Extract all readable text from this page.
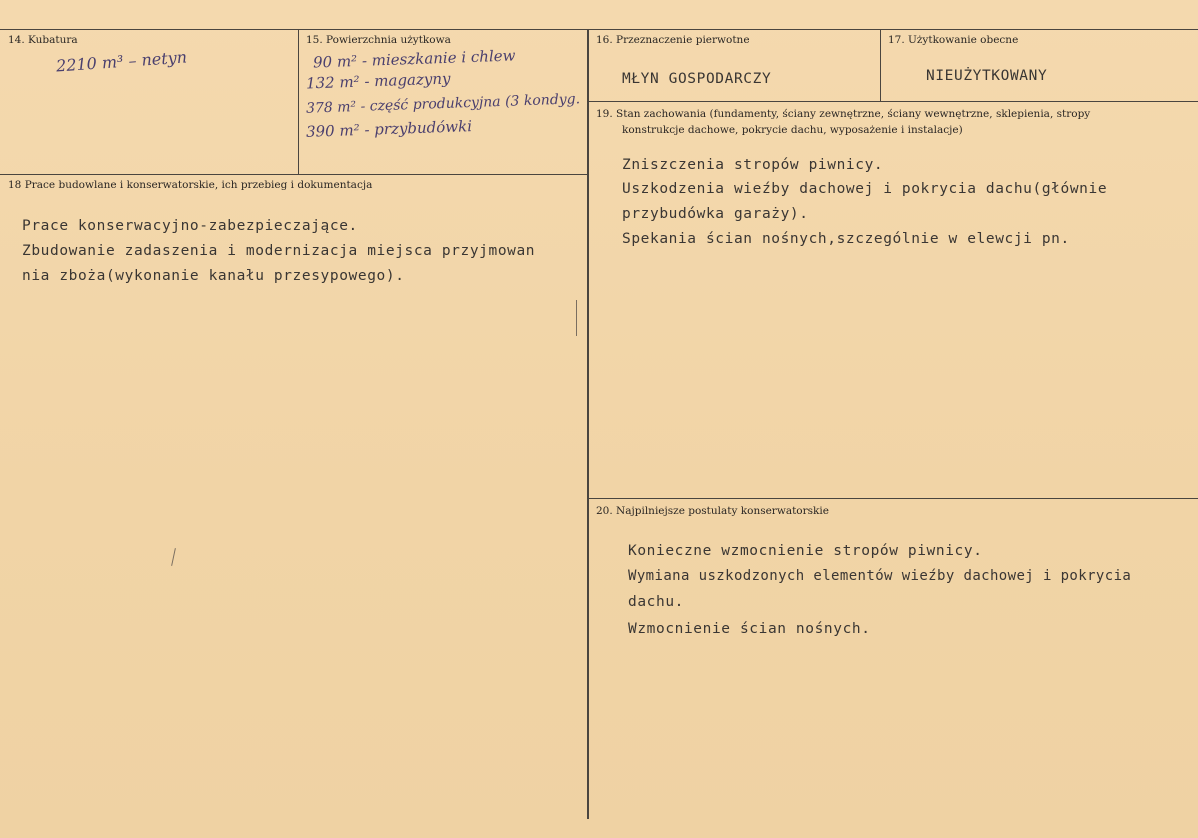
14. Kubatura
2210 m³ – netyn
15. Powierzchnia użytkowa
90 m² - mieszkanie i chlew
132 m² - magazyny
378 m² - część produkcyjna (3 kondyg.
390 m² - przybudówki
16. Przeznaczenie pierwotne
MŁYN GOSPODARCZY
17. Użytkowanie obecne
NIEUŻYTKOWANY
18 Prace budowlane i konserwatorskie, ich przebieg i dokumentacja
Prace konserwacyjno-zabezpieczające.
Zbudowanie zadaszenia i modernizacja miejsca przyjmowan
nia zboża(wykonanie kanału przesypowego).
19. Stan zachowania (fundamenty, ściany zewnętrzne, ściany wewnętrzne, sklepienia, stropy
konstrukcje dachowe, pokrycie dachu, wyposażenie i instalacje)
Zniszczenia stropów piwnicy.
Uszkodzenia wieźby dachowej i pokrycia dachu(głównie
przybudówka garaży).
Spekania ścian nośnych,szczególnie w elewcji pn.
20. Najpilniejsze postulaty konserwatorskie
Konieczne wzmocnienie stropów piwnicy.
Wymiana uszkodzonych elementów wieźby dachowej i pokrycia
dachu.
Wzmocnienie ścian nośnych.
